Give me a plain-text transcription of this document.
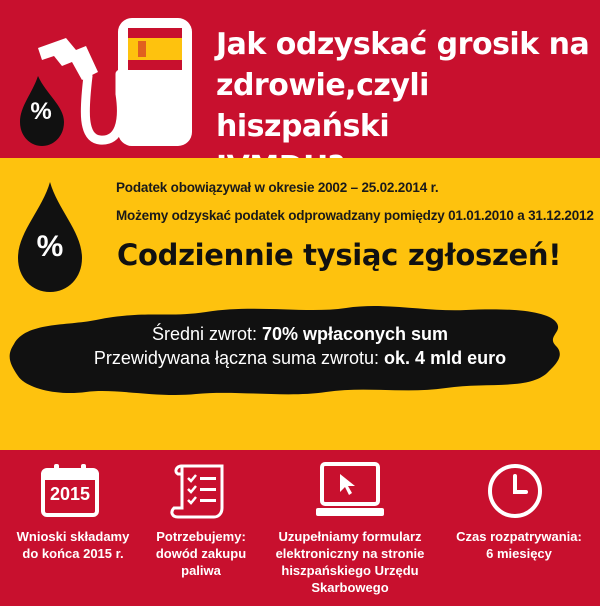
%
Jak odzyskać grosik na
zdrowie,czyli hiszpański
%
Podatek obowiązywał w okresie 2002 – 25.02.2014 r.
Możemy odzyskać podatek odprowadzany pomiędzy 01.01.2010 a 31.12.2012
Codziennie tysiąc zgłoszeń!
Średni zwrot: 70% wpłaconych sum
Przewidywana łączna suma zwrotu: ok. 4 mld euro
2015
Wnioski składamy
do końca 2015 r.
Potrzebujemy:
dowód zakupu
paliwa
Uzupełniamy formularz
elektroniczny na stronie
hiszpańskiego Urzędu
Skarbowego
Czas rozpatrywania:
6 miesięcy
